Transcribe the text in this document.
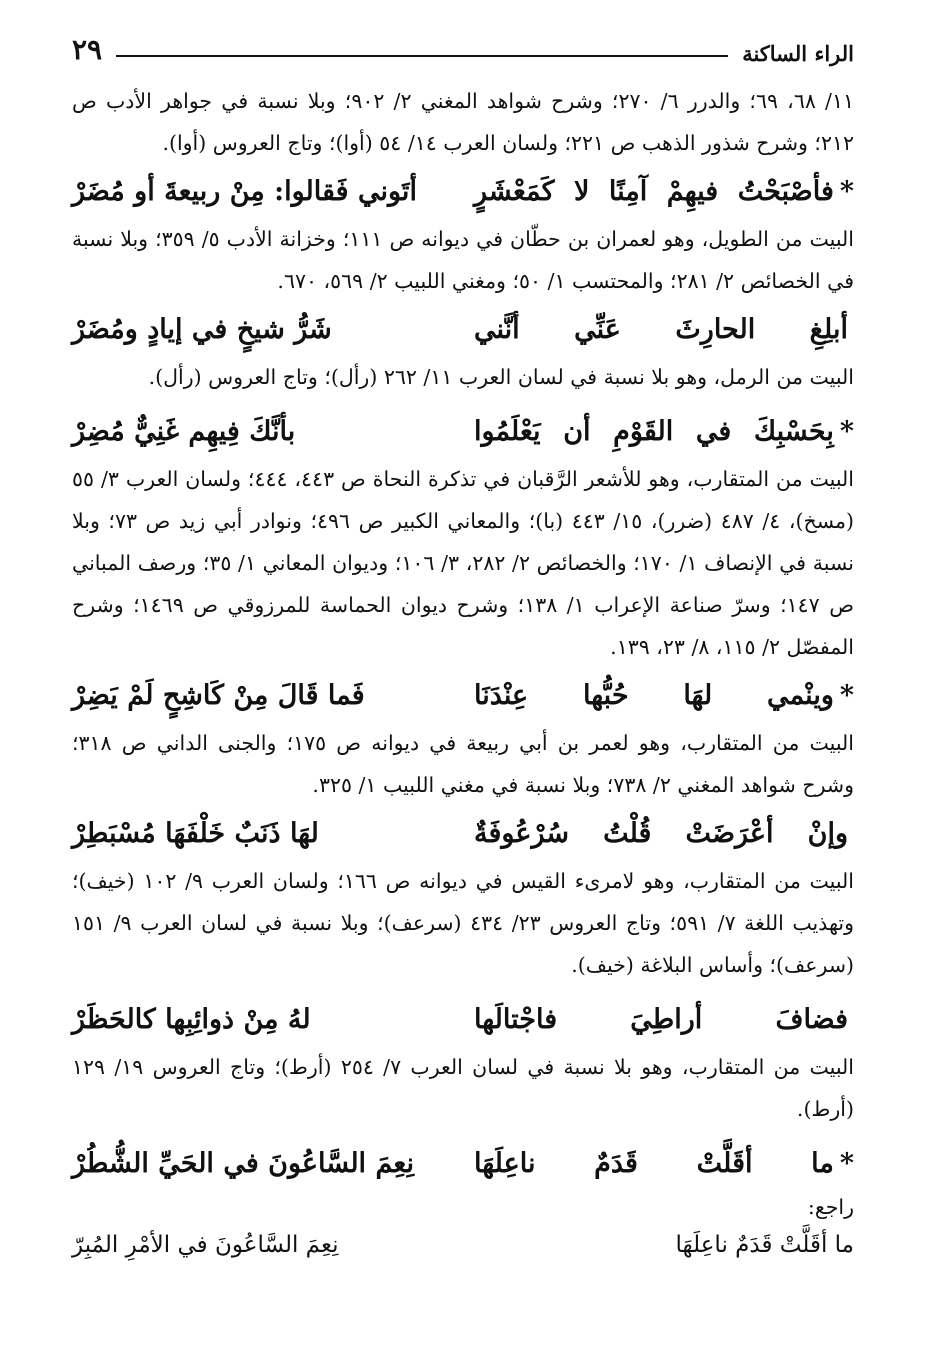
الراء الساكنة
٢٩

١١/ ٦٨، ٦٩؛ والدرر ٦/ ٢٧٠؛ وشرح شواهد المغني ٢/ ٩٠٢؛ وبلا نسبة في جواهر الأدب ص ٢١٢؛ وشرح شذور الذهب ص ٢٢١؛ ولسان العرب ١٤/ ٥٤ (أوا)؛ وتاج العروس (أوا).

*فأصْبَحْتُ فيهِمْ آمِنًا لا كَمَعْشَرٍ
أتَوني فَقالوا: مِنْ ربيعةَ أو مُضَرْ

البيت من الطويل، وهو لعمران بن حطّان في ديوانه ص ١١١؛ وخزانة الأدب ٥/ ٣٥٩؛ وبلا نسبة في الخصائص ٢/ ٢٨١؛ والمحتسب ١/ ٥٠؛ ومغني اللبيب ٢/ ٥٦٩، ٦٧٠.

أبلِغِ الحارِثَ عَنِّي أنَّني
شَرُّ شيخٍ في إيادٍ ومُضَرْ

البيت من الرمل، وهو بلا نسبة في لسان العرب ١١/ ٢٦٢ (رأل)؛ وتاج العروس (رأل).

*بِحَسْبِكَ في القَوْمِ أن يَعْلَمُوا
بأنَّكَ فِيهِم غَنِيٌّ مُضِرْ

البيت من المتقارب، وهو للأشعر الرَّقبان في تذكرة النحاة ص ٤٤٣، ٤٤٤؛ ولسان العرب ٣/ ٥٥ (مسخ)، ٤/ ٤٨٧ (ضرر)، ١٥/ ٤٤٣ (با)؛ والمعاني الكبير ص ٤٩٦؛ ونوادر أبي زيد ص ٧٣؛ وبلا نسبة في الإنصاف ١/ ١٧٠؛ والخصائص ٢/ ٢٨٢، ٣/ ١٠٦؛ وديوان المعاني ١/ ٣٥؛ ورصف المباني ص ١٤٧؛ وسرّ صناعة الإعراب ١/ ١٣٨؛ وشرح ديوان الحماسة للمرزوقي ص ١٤٦٩؛ وشرح المفصّل ٢/ ١١٥، ٨/ ٢٣، ١٣٩.

*وينْمي لهَا حُبُّها عِنْدَنَا
فَما قَالَ مِنْ كَاشِحٍ لَمْ يَضِرْ

البيت من المتقارب، وهو لعمر بن أبي ربيعة في ديوانه ص ١٧٥؛ والجنى الداني ص ٣١٨؛ وشرح شواهد المغني ٢/ ٧٣٨؛ وبلا نسبة في مغني اللبيب ١/ ٣٢٥.

وإنْ أعْرَضَتْ قُلْتُ سُرْعُوفَةٌ
لهَا ذَنَبٌ خَلْفَهَا مُسْبَطِرْ

البيت من المتقارب، وهو لامرىء القيس في ديوانه ص ١٦٦؛ ولسان العرب ٩/ ١٠٢ (خيف)؛ وتهذيب اللغة ٧/ ٥٩١؛ وتاج العروس ٢٣/ ٤٣٤ (سرعف)؛ وبلا نسبة في لسان العرب ٩/ ١٥١ (سرعف)؛ وأساس البلاغة (خيف).

فضافَ أراطِيَ فاجْتالَها
لهُ مِنْ ذوائِبِها كالحَظَرْ

البيت من المتقارب، وهو بلا نسبة في لسان العرب ٧/ ٢٥٤ (أرط)؛ وتاج العروس ١٩/ ١٢٩ (أرط).

*ما أقَلَّتْ قَدَمٌ ناعِلَهَا
نِعِمَ السَّاعُونَ في الحَيِّ الشُّطُرْ
راجع:
ما أقَلَّتْ قَدَمٌ ناعِلَهَا
نِعِمَ السَّاعُونَ في الأمْرِ المُبِرّ
